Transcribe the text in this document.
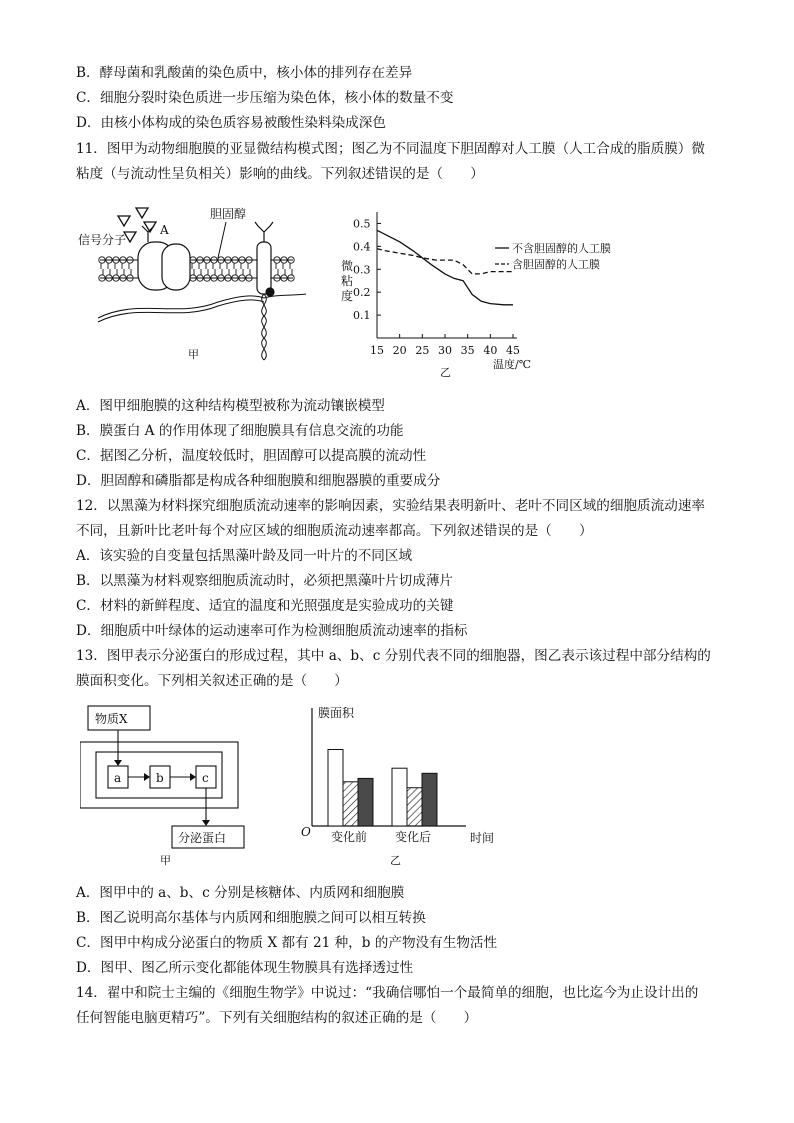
B．酵母菌和乳酸菌的染色质中，核小体的排列存在差异
C．细胞分裂时染色质进一步压缩为染色体，核小体的数量不变
D．由核小体构成的染色质容易被酸性染料染成深色
11．图甲为动物细胞膜的亚显微结构模式图；图乙为不同温度下胆固醇对人工膜（人工合成的脂质膜）微
粘度（与流动性呈负相关）影响的曲线。下列叙述错误的是（　　）
信号分子
A
胆固醇
甲
0.5
0.4
0.3
0.2
0.1
15 20 25 30 35 40 45
不含胆固醇的人工膜
含胆固醇的人工膜
微粘度
温度/℃
乙
A．图甲细胞膜的这种结构模型被称为流动镶嵌模型
B．膜蛋白 A 的作用体现了细胞膜具有信息交流的功能
C．据图乙分析，温度较低时，胆固醇可以提高膜的流动性
D．胆固醇和磷脂都是构成各种细胞膜和细胞器膜的重要成分
12．以黑藻为材料探究细胞质流动速率的影响因素，实验结果表明新叶、老叶不同区域的细胞质流动速率
不同，且新叶比老叶每个对应区域的细胞质流动速率都高。下列叙述错误的是（　　）
A．该实验的自变量包括黑藻叶龄及同一叶片的不同区域
B．以黑藻为材料观察细胞质流动时，必须把黑藻叶片切成薄片
C．材料的新鲜程度、适宜的温度和光照强度是实验成功的关键
D．细胞质中叶绿体的运动速率可作为检测细胞质流动速率的指标
13．图甲表示分泌蛋白的形成过程，其中 a、b、c 分别代表不同的细胞器，图乙表示该过程中部分结构的
膜面积变化。下列相关叙述正确的是（　　）
物质X
a	b	c
分泌蛋白
甲
变化前 变化后
膜面积
O	时间
乙
A．图甲中的 a、b、c 分别是核糖体、内质网和细胞膜
B．图乙说明高尔基体与内质网和细胞膜之间可以相互转换
C．图甲中构成分泌蛋白的物质 X 都有 21 种，b 的产物没有生物活性
D．图甲、图乙所示变化都能体现生物膜具有选择透过性
14．翟中和院士主编的《细胞生物学》中说过：“我确信哪怕一个最简单的细胞，也比迄今为止设计出的
任何智能电脑更精巧”。下列有关细胞结构的叙述正确的是（　　）
